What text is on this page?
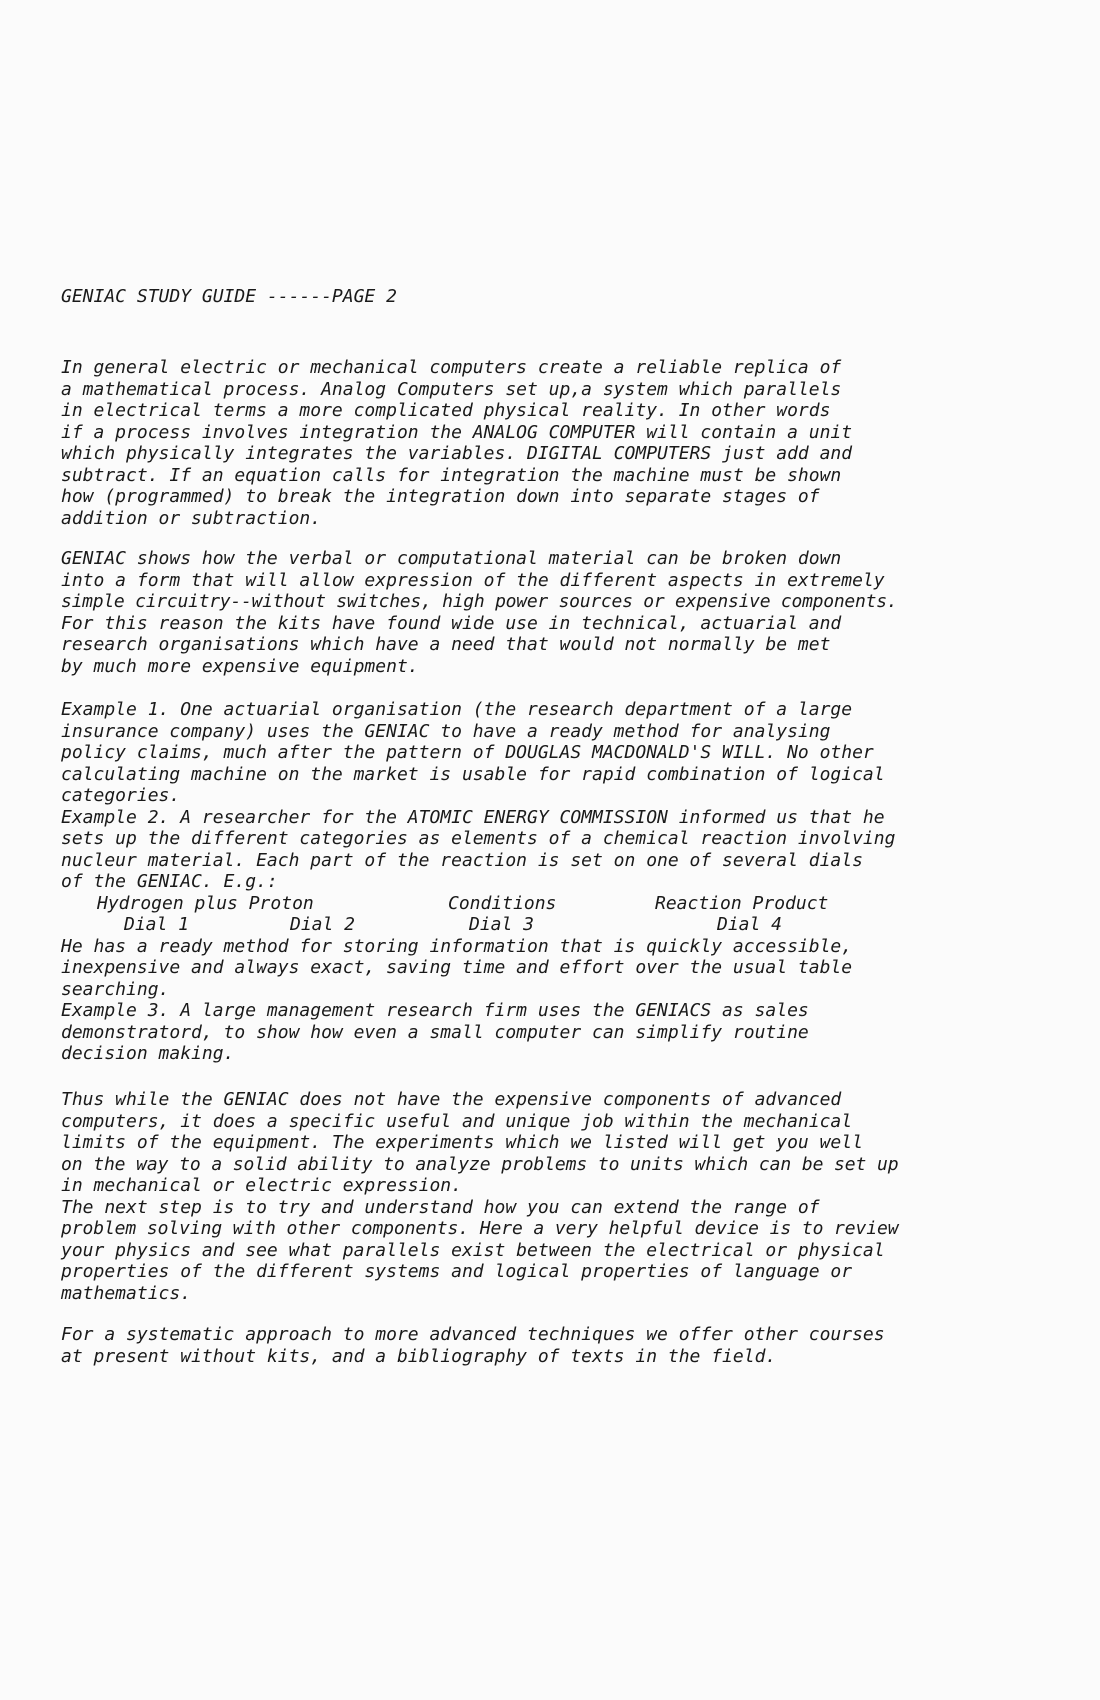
GENIAC STUDY GUIDE ------PAGE 2
In general electric or mechanical computers create a reliable replica of
a mathematical process. Analog Computers set up,a system which parallels
in electrical terms a more complicated physical reality. In other words
if a process involves integration the ANALOG COMPUTER will contain a unit
which physically integrates the variables. DIGITAL COMPUTERS just add and
subtract. If an equation calls for integration the machine must be shown
how (programmed) to break the integration down into separate stages of
addition or subtraction.
GENIAC shows how the verbal or computational material can be broken down
into a form that will allow expression of the different aspects in extremely
simple circuitry--without switches, high power sources or expensive components.
For this reason the kits have found wide use in technical, actuarial and
research organisations which have a need that would not normally be met
by much more expensive equipment.
Example 1. One actuarial organisation (the research department of a large
insurance company) uses the GENIAC to have a ready method for analysing
policy claims, much after the pattern of DOUGLAS MACDONALD'S WILL. No other
calculating machine on the market is usable for rapid combination of logical
categories.
Example 2. A researcher for the ATOMIC ENERGY COMMISSION informed us that he
sets up the different categories as elements of a chemical reaction involving
nucleur material. Each part of the reaction is set on one of several dials
of the GENIAC. E.g.:
Hydrogen plus Proton	Conditions	Reaction Product
Dial 1	Dial 2	Dial 3	Dial 4
He has a ready method for storing information that is quickly accessible,
inexpensive and always exact, saving time and effort over the usual table
searching.
Example 3. A large management research firm uses the GENIACS as sales
demonstratord, to show how even a small computer can simplify routine
decision making.
Thus while the GENIAC does not have the expensive components of advanced
computers, it does a specific useful and unique job within the mechanical
limits of the equipment. The experiments which we listed will get you well
on the way to a solid ability to analyze problems to units which can be set up
in mechanical or electric expression.
The next step is to try and understand how you can extend the range of
problem solving with other components. Here a very helpful device is to review
your physics and see what parallels exist between the electrical or physical
properties of the different systems and logical properties of language or
mathematics.
For a systematic approach to more advanced techniques we offer other courses
at present without kits, and a bibliography of texts in the field.
